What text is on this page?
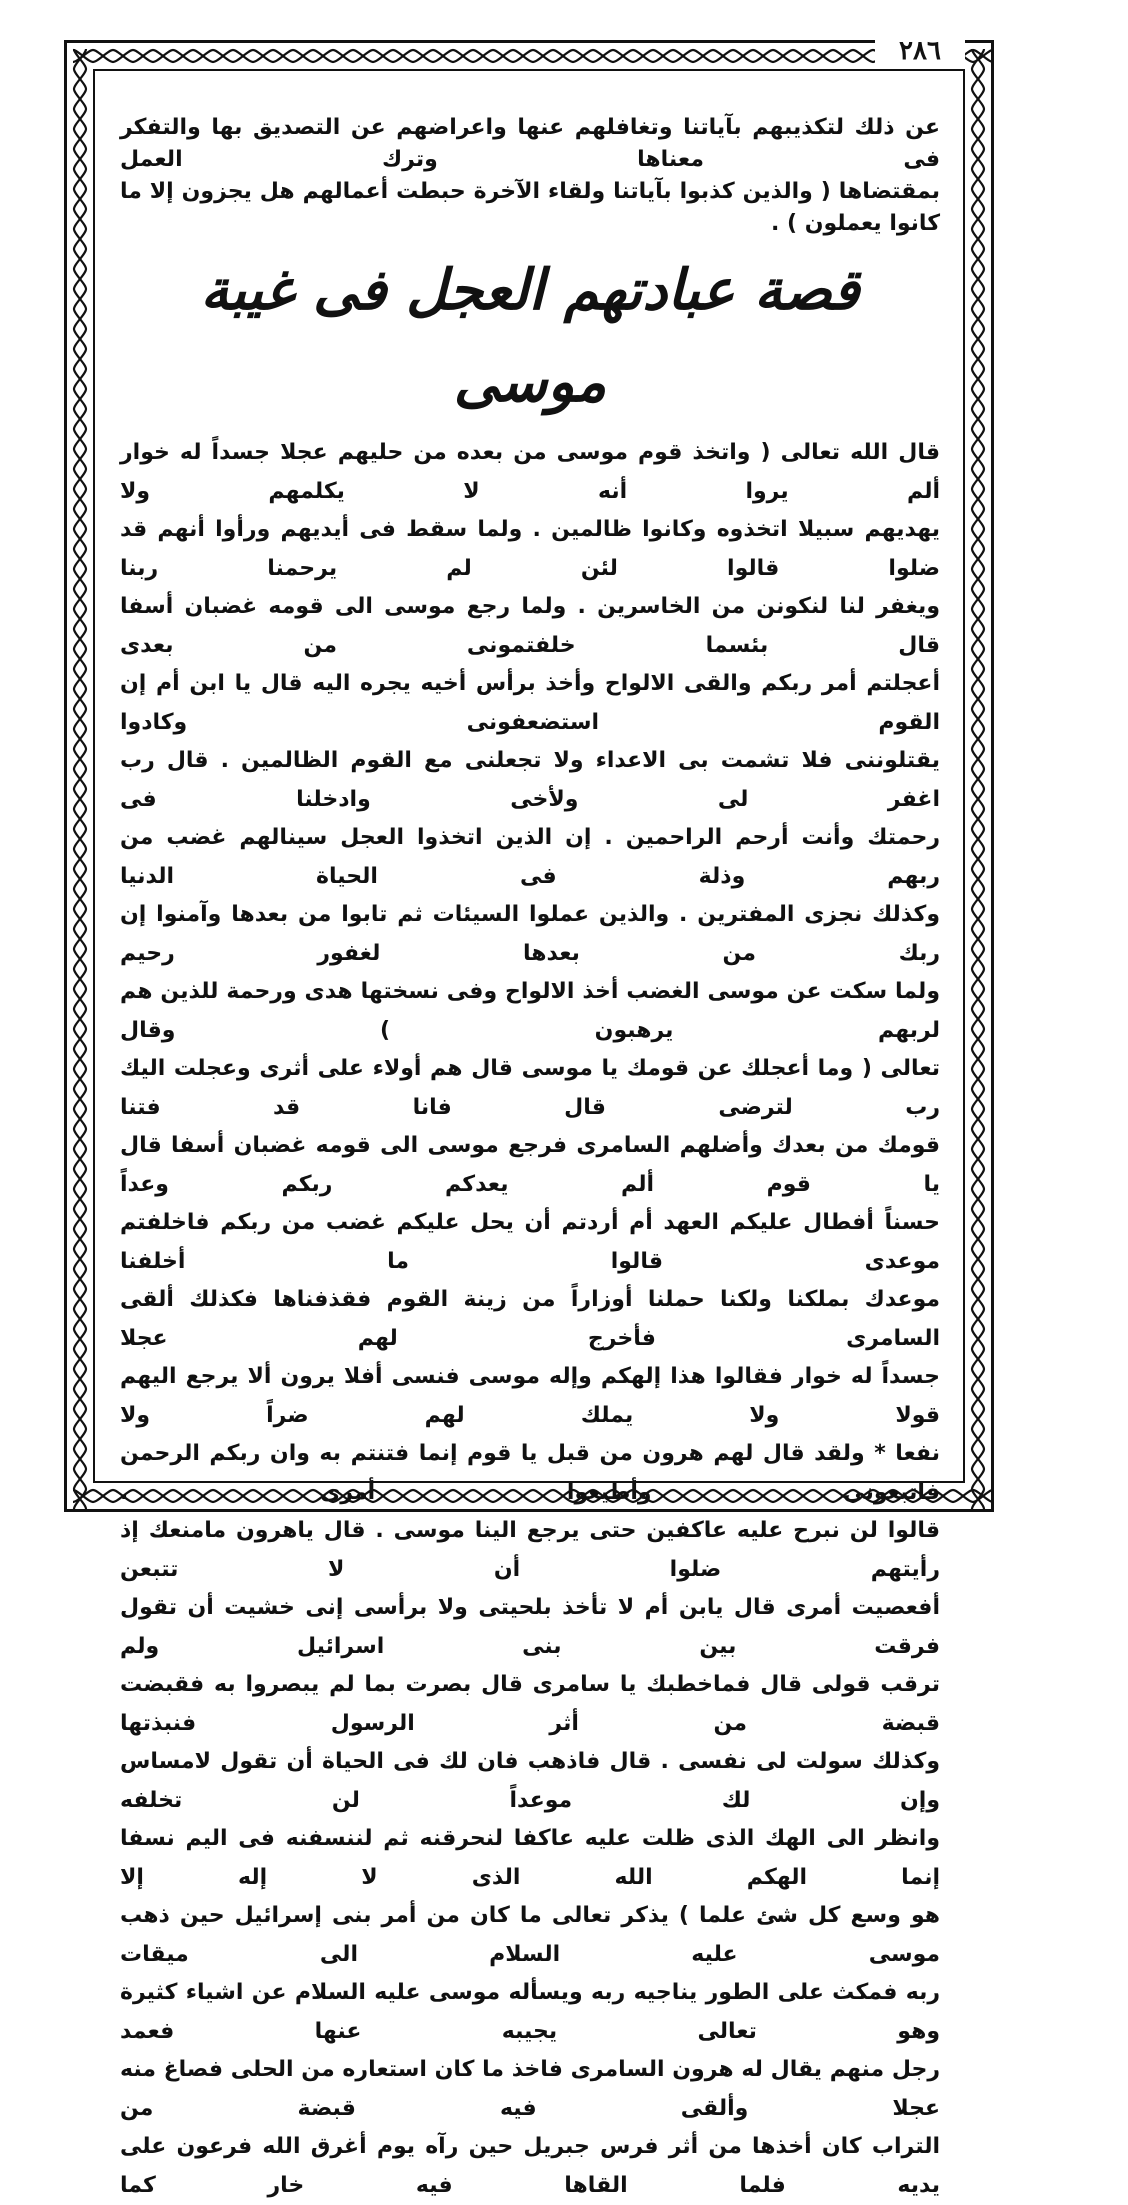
٢٨٦

عن ذلك لتكذيبهم بآياتنا وتغافلهم عنها واعراضهم عن التصديق بها والتفكر فى معناها وترك العمل

بمقتضاها ( والذين كذبوا بآياتنا ولقاء الآخرة حبطت أعمالهم هل يجزون إلا ما كانوا يعملون ) .

قصة عبادتهم العجل فى غيبة موسى

قال الله تعالى ( واتخذ قوم موسى من بعده من حليهم عجلا جسداً له خوار ألم يروا أنه لا يكلمهم ولا

يهديهم سبيلا اتخذوه وكانوا ظالمين . ولما سقط فى أيديهم ورأوا أنهم قد ضلوا قالوا لئن لم يرحمنا ربنا

ويغفر لنا لنكونن من الخاسرين . ولما رجع موسى الى قومه غضبان أسفا قال بئسما خلفتمونى من بعدى

أعجلتم أمر ربكم والقى الالواح وأخذ برأس أخيه يجره اليه قال يا ابن أم إن القوم استضعفونى وكادوا

يقتلوننى فلا تشمت بى الاعداء ولا تجعلنى مع القوم الظالمين . قال رب اغفر لى ولأخى وادخلنا فى

رحمتك وأنت أرحم الراحمين . إن الذين اتخذوا العجل سينالهم غضب من ربهم وذلة فى الحياة الدنيا

وكذلك نجزى المفترين . والذين عملوا السيئات ثم تابوا من بعدها وآمنوا إن ربك من بعدها لغفور رحيم

ولما سكت عن موسى الغضب أخذ الالواح وفى نسختها هدى ورحمة للذين هم لربهم يرهبون ) وقال

تعالى ( وما أعجلك عن قومك يا موسى قال هم أولاء على أثرى وعجلت اليك رب لترضى قال فانا قد فتنا

قومك من بعدك وأضلهم السامرى فرجع موسى الى قومه غضبان أسفا قال يا قوم ألم يعدكم ربكم وعداً

حسناً أفطال عليكم العهد أم أردتم أن يحل عليكم غضب من ربكم فاخلفتم موعدى قالوا ما أخلفنا

موعدك بملكنا ولكنا حملنا أوزاراً من زينة القوم فقذفناها فكذلك ألقى السامرى فأخرج لهم عجلا

جسداً له خوار فقالوا هذا إلهكم وإله موسى فنسى أفلا يرون ألا يرجع اليهم قولا ولا يملك لهم ضراً ولا

نفعا * ولقد قال لهم هرون من قبل يا قوم إنما فتنتم به وان ربكم الرحمن فاتبعونى وأطيعوا أمرى .

قالوا لن نبرح عليه عاكفين حتى يرجع الينا موسى . قال ياهرون مامنعك إذ رأيتهم ضلوا أن لا تتبعن

أفعصيت أمرى قال يابن أم لا تأخذ بلحيتى ولا برأسى إنى خشيت أن تقول فرقت بين بنى اسرائيل ولم

ترقب قولى قال فماخطبك يا سامرى قال بصرت بما لم يبصروا به فقبضت قبضة من أثر الرسول فنبذتها

وكذلك سولت لى نفسى . قال فاذهب فان لك فى الحياة أن تقول لامساس وإن لك موعداً لن تخلفه

وانظر الى الهك الذى ظلت عليه عاكفا لنحرقنه ثم لننسفنه فى اليم نسفا إنما الهكم الله الذى لا إله إلا

هو وسع كل شئ علما ) يذكر تعالى ما كان من أمر بنى إسرائيل حين ذهب موسى عليه السلام الى ميقات

ربه فمكث على الطور يناجيه ربه ويسأله موسى عليه السلام عن اشياء كثيرة وهو تعالى يجيبه عنها فعمد

رجل منهم يقال له هرون السامرى فاخذ ما كان استعاره من الحلى فصاغ منه عجلا وألقى فيه قبضة من

التراب كان أخذها من أثر فرس جبريل حين رآه يوم أغرق الله فرعون على يديه فلما القاها فيه خار كما
